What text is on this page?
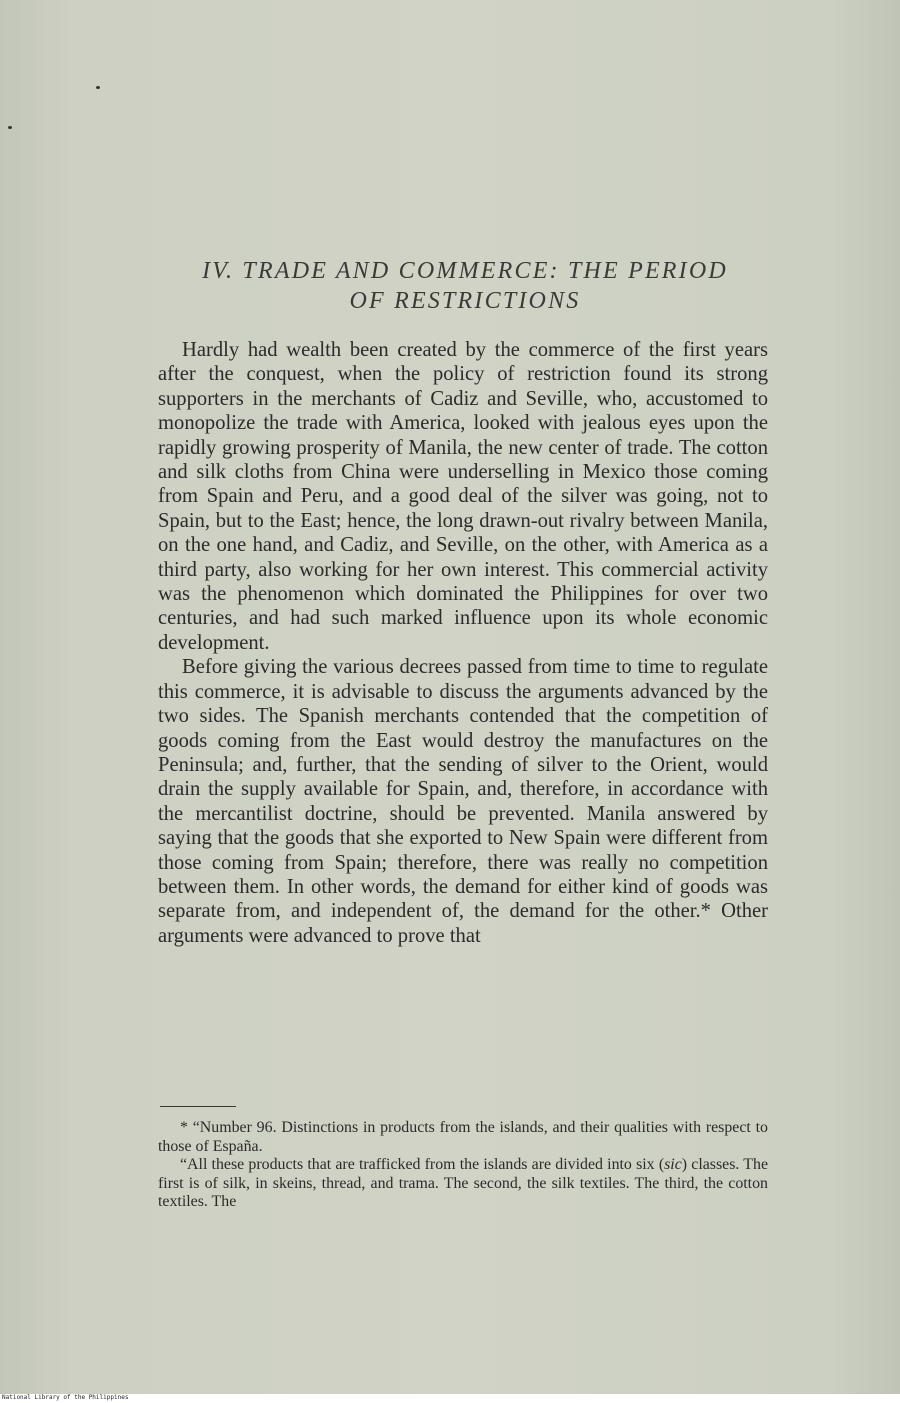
IV. TRADE AND COMMERCE: THE PERIOD
OF RESTRICTIONS

Hardly had wealth been created by the commerce of the first years after the conquest, when the policy of restriction found its strong supporters in the merchants of Cadiz and Seville, who, accustomed to monopolize the trade with America, looked with jealous eyes upon the rapidly growing prosperity of Manila, the new center of trade. The cotton and silk cloths from China were underselling in Mexico those coming from Spain and Peru, and a good deal of the silver was going, not to Spain, but to the East; hence, the long drawn-out rivalry between Manila, on the one hand, and Cadiz, and Seville, on the other, with America as a third party, also working for her own interest. This commercial activity was the phenomenon which dominated the Philippines for over two centuries, and had such marked influence upon its whole economic development.

Before giving the various decrees passed from time to time to regulate this commerce, it is advisable to discuss the arguments advanced by the two sides. The Spanish merchants contended that the competition of goods coming from the East would destroy the manufactures on the Peninsula; and, further, that the sending of silver to the Orient, would drain the supply available for Spain, and, therefore, in accordance with the mercantilist doctrine, should be prevented. Manila answered by saying that the goods that she exported to New Spain were different from those coming from Spain; therefore, there was really no competition between them. In other words, the demand for either kind of goods was separate from, and independent of, the demand for the other.* Other arguments were advanced to prove that

* “Number 96. Distinctions in products from the islands, and their qualities with respect to those of España.

“All these products that are trafficked from the islands are divided into six (sic) classes. The first is of silk, in skeins, thread, and trama. The second, the silk textiles. The third, the cotton textiles. The

National Library of the Philippines
